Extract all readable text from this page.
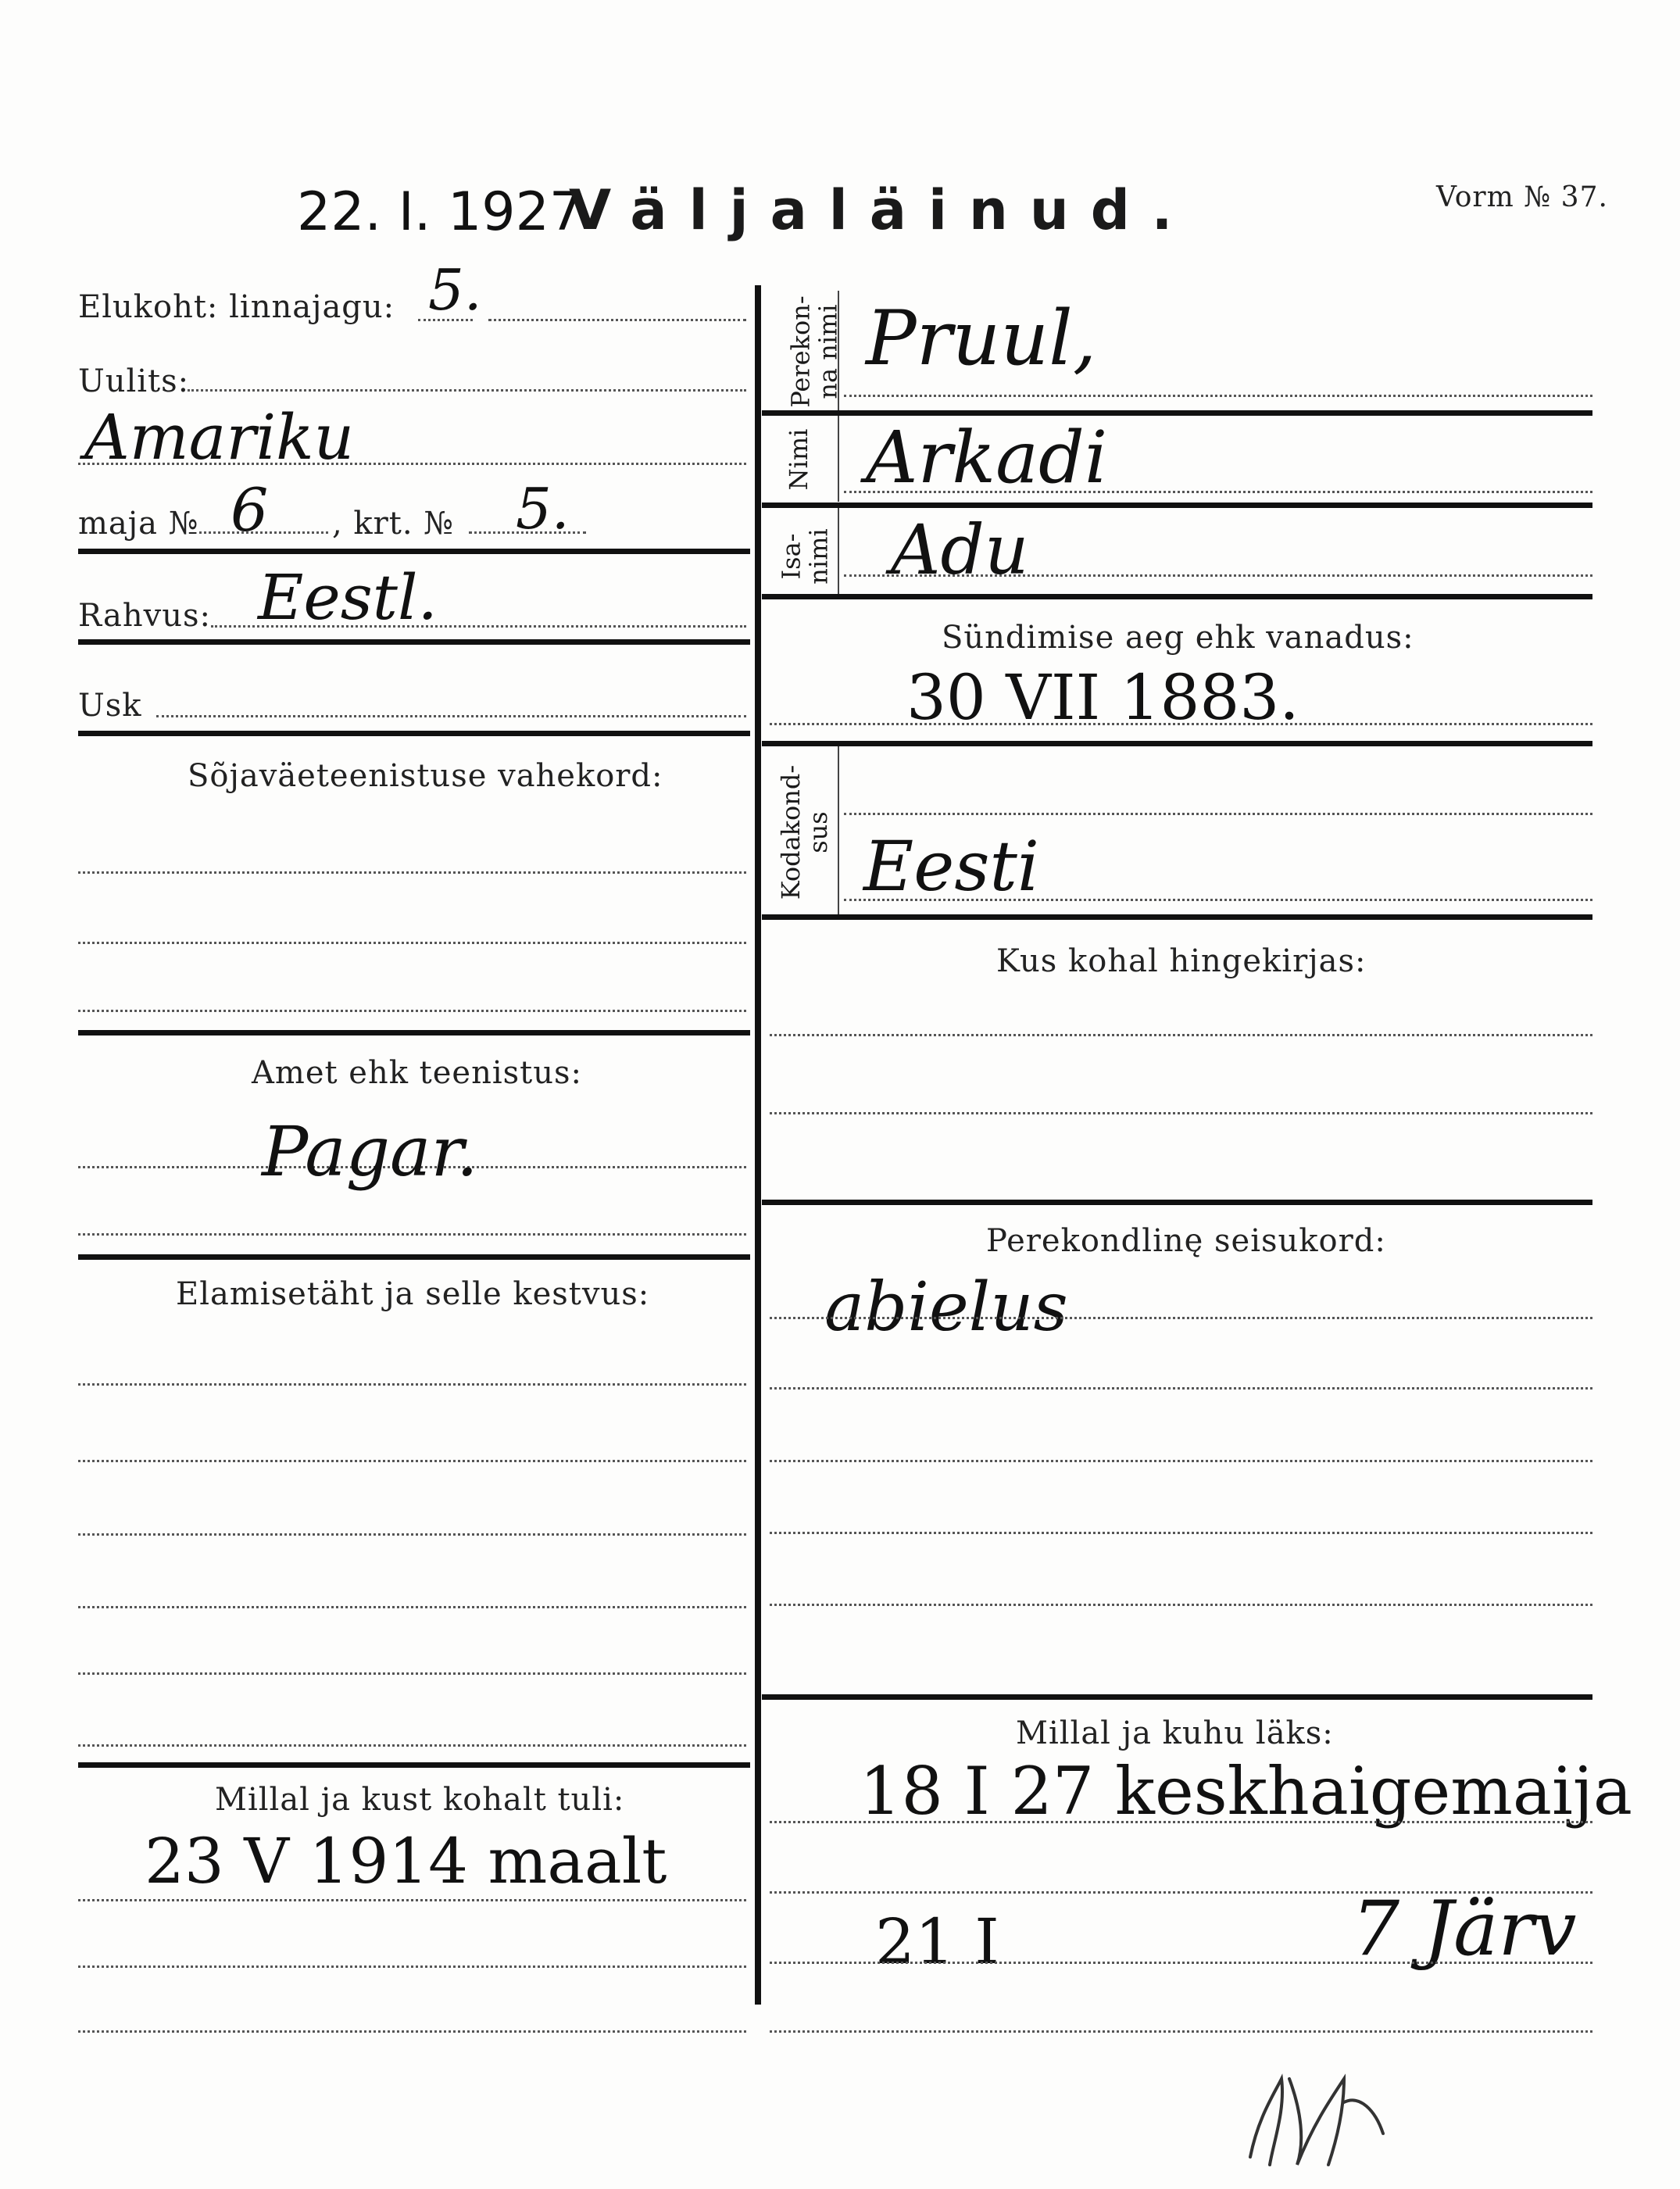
22. I. 1927
Väljaläinud.	Vorm № 37.
Elukoht: linnajagu: 5.
Uulits:
Amariku
maja № 6 , krt. № 5.
Rahvus: Eestl.
Usk
Sõjaväeteenistuse vahekord:
Amet ehk teenistus:
Pagar.
Elamisetäht ja selle kestvus:
Millal ja kust kohalt tuli:
23 V 1914 maalt
Perekon-
na nimi Pruul,
Nimi Arkadi
Isa-
nimi Adu
Sündimise aeg ehk vanadus:
30 VII 1883.
Kodakond-
sus Eesti
Kus kohal hingekirjas:
Perekondlinę seisukord:
abielus
Millal ja kuhu läks:
18 I 27 keskhaigemaija
21 I	7 Järv
